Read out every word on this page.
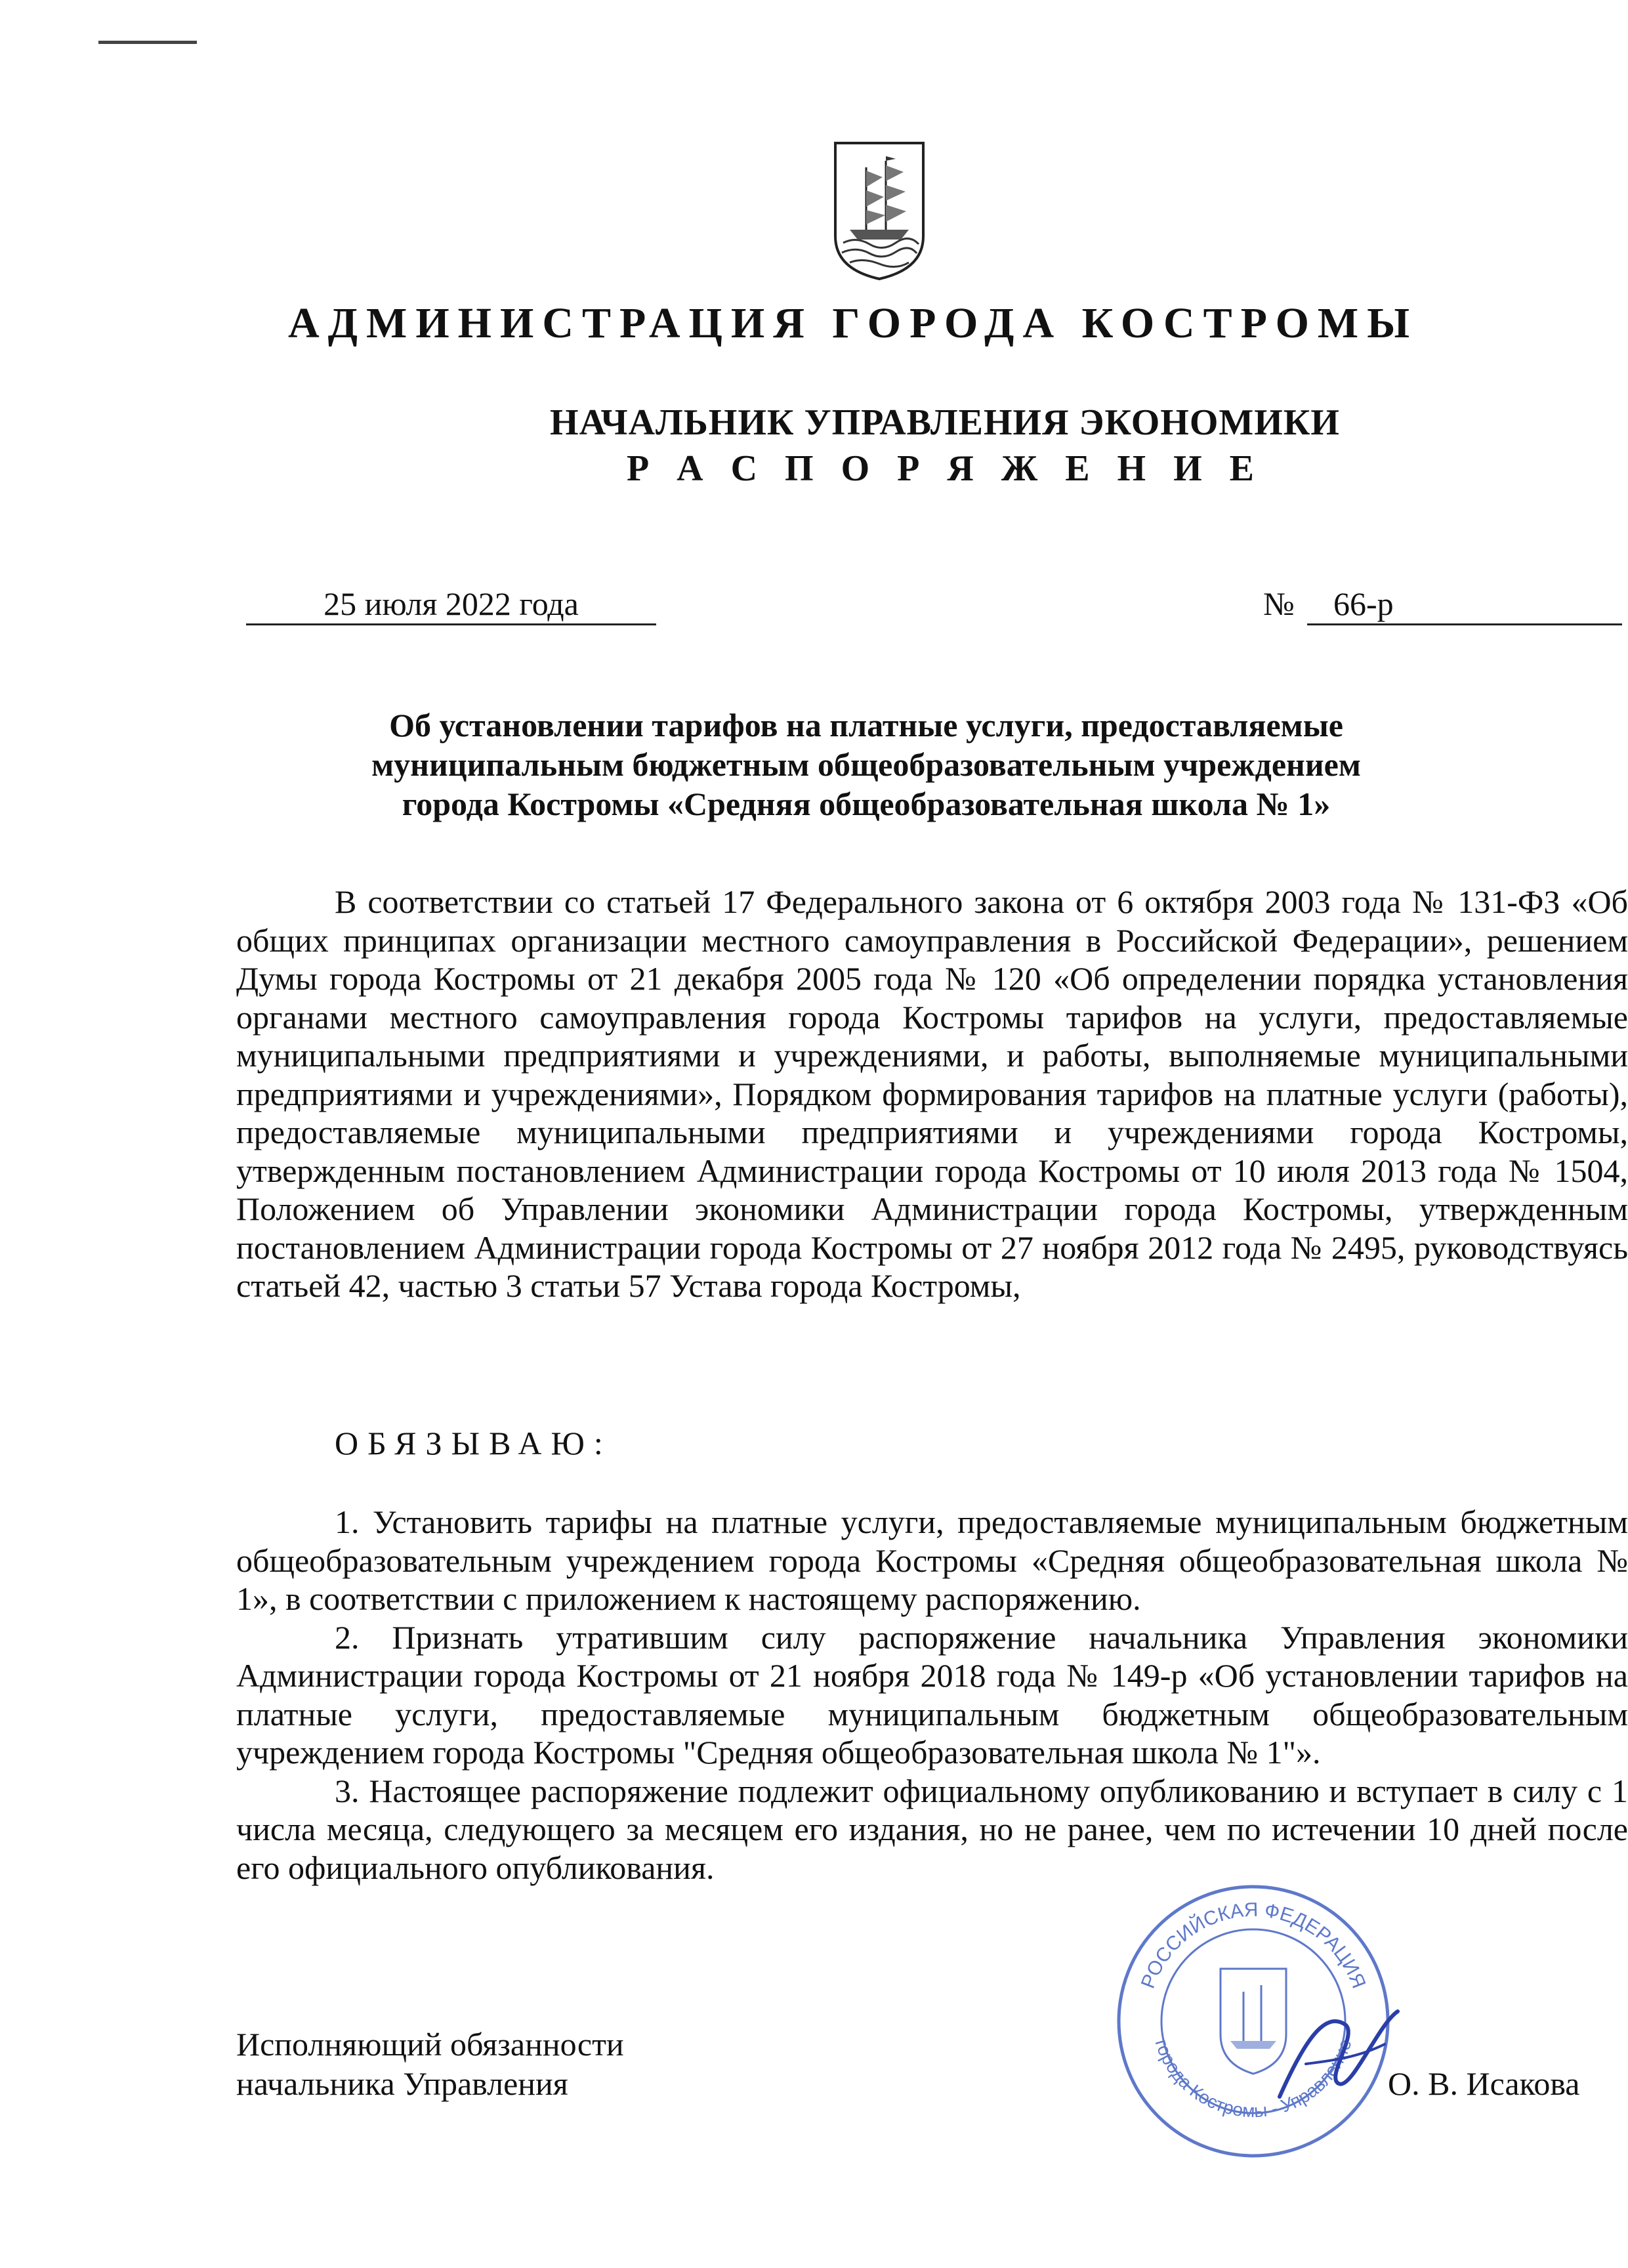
АДМИНИСТРАЦИЯ ГОРОДА КОСТРОМЫ
НАЧАЛЬНИК УПРАВЛЕНИЯ ЭКОНОМИКИ
Р А С П О Р Я Ж Е Н И Е
25 июля 2022 года	№	66-р
Об установлении тарифов на платные услуги, предоставляемые
муниципальным бюджетным общеобразовательным учреждением
города Костромы «Средняя общеобразовательная школа № 1»

В соответствии со статьей 17 Федерального закона от 6 октября 2003 года № 131-ФЗ «Об общих принципах организации местного самоуправления в Российской Федерации», решением Думы города Костромы от 21 декабря 2005 года № 120 «Об определении порядка установления органами местного самоуправления города Костромы тарифов на услуги, предоставляемые муниципальными предприятиями и учреждениями, и работы, выполняемые муниципальными предприятиями и учреждениями», Порядком формирования тарифов на платные услуги (работы), предоставляемые муниципальными предприятиями и учреждениями города Костромы, утвержденным постановлением Администрации города Костромы от 10 июля 2013 года № 1504, Положением об Управлении экономики Администрации города Костромы, утвержденным постановлением Администрации города Костромы от 27 ноября 2012 года № 2495, руководствуясь статьей 42, частью 3 статьи 57 Устава города Костромы,

ОБЯЗЫВАЮ:

1. Установить тарифы на платные услуги, предоставляемые муниципальным бюджетным общеобразовательным учреждением города Костромы «Средняя общеобразовательная школа № 1», в соответствии с приложением к настоящему распоряжению.

2. Признать утратившим силу распоряжение начальника Управления экономики Администрации города Костромы от 21 ноября 2018 года № 149-р «Об установлении тарифов на платные услуги, предоставляемые муниципальным бюджетным общеобразовательным учреждением города Костромы "Средняя общеобразовательная школа № 1"».

3. Настоящее распоряжение подлежит официальному опубликованию и вступает в силу с 1 числа месяца, следующего за месяцем его издания, но не ранее, чем по истечении 10 дней после его официального опубликования.

Исполняющий обязанности
начальника Управления
РОССИЙСКАЯ ФЕДЕРАЦИЯ
города Костромы - Управление
О. В. Исакова
